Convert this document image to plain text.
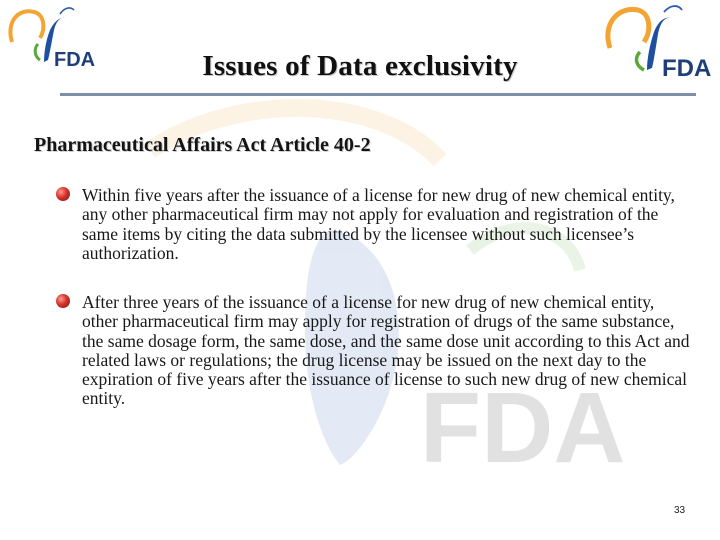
FDA
FDA	FDA
Issues of Data exclusivity
Pharmaceutical Affairs Act Article 40-2

Within five years after the issuance of a license for new drug of new chemical entity, any other pharmaceutical firm may not apply for evaluation and registration of the same items by citing the data submitted by the licensee without such licensee’s authorization.

After three years of the issuance of a license for new drug of new chemical entity, other pharmaceutical firm may apply for registration of drugs of the same substance, the same dosage form, the same dose, and the same dose unit according to this Act and related laws or regulations; the drug license may be issued on the next day to the expiration of five years after the issuance of license to such new drug of new chemical entity.

33
